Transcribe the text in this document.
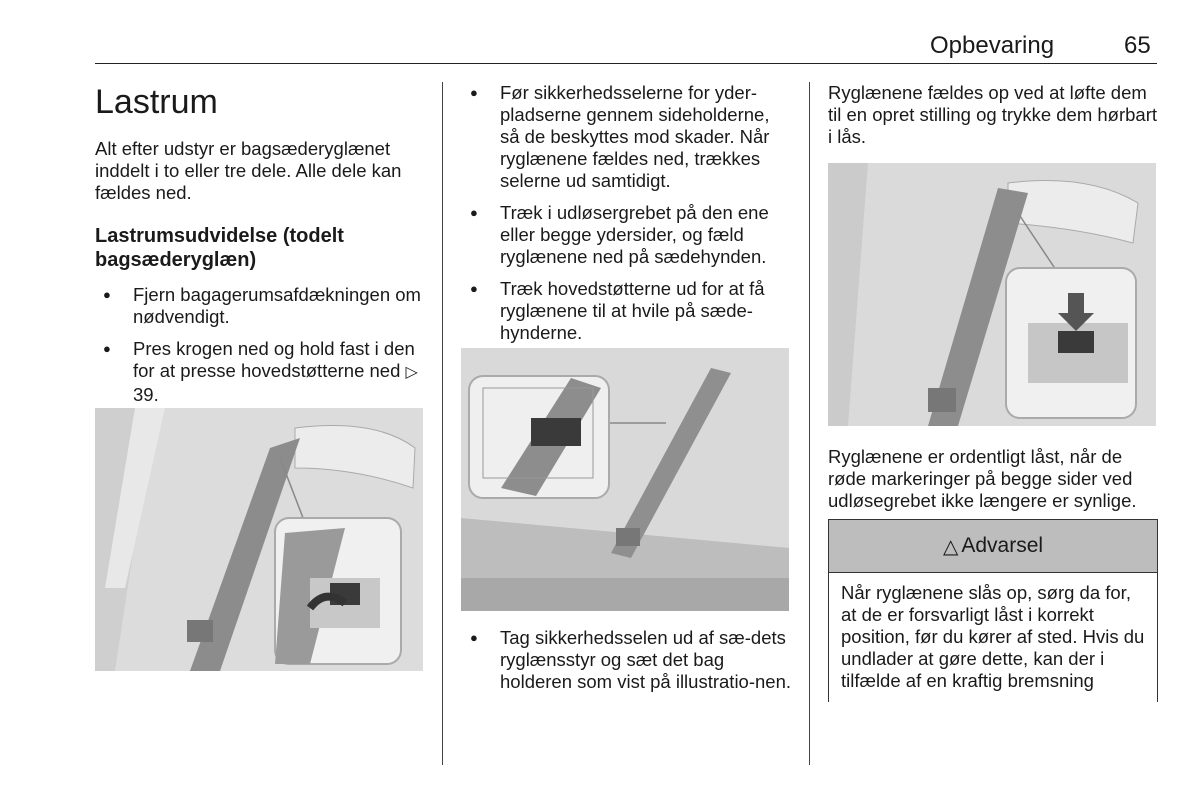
Opbevaring	65
Lastrum

Alt efter udstyr er bagsæderyglænet inddelt i to eller tre dele. Alle dele kan fældes ned.

Lastrumsudvidelse (todelt bagsæderyglæn)
● Fjern bagagerumsafdækningen om nødvendigt.
● Pres krogen ned og hold fast i den for at presse hovedstøtterne ned ▷ 39.
● Før sikkerhedsselerne for yder-pladserne gennem sideholderne, så de beskyttes mod skader. Når ryglænene fældes ned, trækkes selerne ud samtidigt.
● Træk i udløsergrebet på den ene eller begge ydersider, og fæld ryglænene ned på sædehynden.
● Træk hovedstøtterne ud for at få ryglænene til at hvile på sæde-hynderne.
● Tag sikkerhedsselen ud af sæ-dets ryglænsstyr og sæt det bag holderen som vist på illustratio-nen.

Ryglænene fældes op ved at løfte dem til en opret stilling og trykke dem hørbart i lås.

Ryglænene er ordentligt låst, når de røde markeringer på begge sider ved udløsegrebet ikke længere er synlige.

△ Advarsel
Når ryglænene slås op, sørg da for, at de er forsvarligt låst i korrekt position, før du kører af sted. Hvis du undlader at gøre dette, kan der i tilfælde af en kraftig bremsning
